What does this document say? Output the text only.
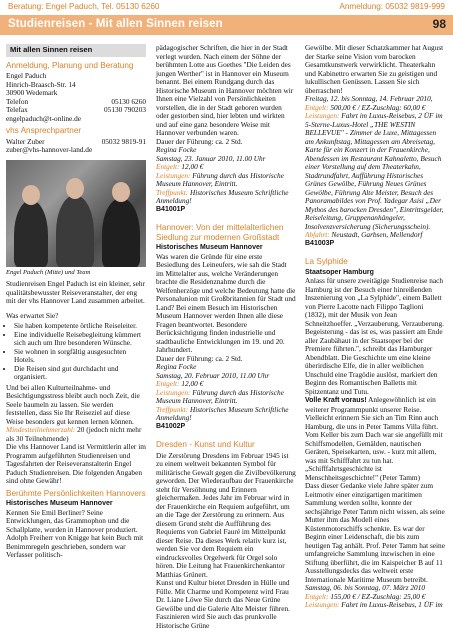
Beratung: Engel Paduch, Tel. 05130 6260	Anmeldung: 05032 9819-999
Studienreisen - Mit allen Sinnen reisen	98
Mit allen Sinnen reisen
Anmeldung, Planung und Beratung

Engel Paduch

Hinrich-Braasch-Str. 14

30900 Wedemark

Telefon	05130 6260
Telefax	05130 790203

engelpaduch@t-online.de

vhs Ansprechpartner
Walter Zuber	05032 9819-91

zuber@vhs-hannover-land.de

Engel Paduch (Mitte) und Team

Studienreisen Engel Paduch ist ein kleiner, sehr qualitätsbewusster Reiseveranstalter, der eng mit der vhs Hannover Land zusammen arbeitet.

Was erwartet Sie?

• Sie haben kompetente örtliche Reiseleiter.
• Eine individuelle Reisebegleitung kümmert sich auch um Ihre besonderen Wünsche.
• Sie wohnen in sorgfältig ausgesuchten Hotels.
• Die Reisen sind gut durchdacht und organisiert.

Und bei allen Kulturteilnahme- und Besichtigungsstress bleibt auch noch Zeit, die Seele baumeln zu lassen. Sie werden feststellen, dass Sie Ihr Reiseziel auf diese Weise besonders gut kennen lernen können.

Mindestteilnehmerzahl: 20 (jedoch nicht mehr als 30 Teilnehmende)

Die vhs Hannover Land ist Vermittlerin aller im Programm aufgeführten Studienreisen und Tagesfahrten der Reiseveranstalterin Engel Paduch Studienreisen. Die folgenden Angaben sind ohne Gewähr!

Berühmte Persönlichkeiten Hannovers

Historisches Museum Hannover

Kennen Sie Emil Berliner? Seine Entwicklungen, das Grammophon und die Schallplatte, wurden in Hannover produziert. Adolph Freiherr von Knigge hat kein Buch mit Benimmregeln geschrieben, sondern war Verfasser politisch-

pädagogischer Schriften, die hier in der Stadt verlegt wurden. Nach einem der Söhne der berühmten Lotte aus Goethes "Die Leiden des jungen Werther" ist in Hannover ein Museum benannt. Bei einem Rundgang durch das Historische Museum in Hannover möchten wir Ihnen eine Vielzahl von Persönlichkeiten vorstellen, die in der Stadt geboren wurden oder gestorben sind, hier lebten und wirkten und auf eine ganz besondere Weise mit Hannover verbunden waren.

Dauer der Führung: ca. 2 Std.

Regina Focke

Samstag, 23. Januar 2010, 11.00 Uhr

Entgelt: 12,00 €

Leistungen: Führung durch das Historische Museum Hannover, Eintritt.

Treffpunkt: Historisches Museum Schriftliche Anmeldung!

B41001P

Hannover: Von der mittelalterlichen Siedlung zur modernen Großstadt

Historisches Museum Hannover

Was waren die Gründe für eine erste Besiedlung des Leineufers, wie sah die Stadt im Mittelalter aus, welche Veränderungen brachte die Residenznahme durch die Welfenherzöge und welche Bedeutung hatte die Personalunion mit Großbritannien für Stadt und Land? Bei einem Besuch im Historischen Museum Hannover werden Ihnen alle diese Fragen beantwortet. Besondere Berücksichtigung finden industrielle und stadtbauliche Entwicklungen im 19. und 20. Jahrhundert.

Dauer der Führung: ca. 2 Std.

Regina Focke

Samstag, 20. Februar 2010, 11.00 Uhr

Entgelt: 12,00 €

Leistungen: Führung durch das Historische Museum Hannover, Eintritt.

Treffpunkt: Historisches Museum Schriftliche Anmeldung!

B41002P

Dresden - Kunst und Kultur

Die Zerstörung Dresdens im Februar 1945 ist zu einem weltweit bekannten Symbol für militärische Gewalt gegen die Zivilbevölkerung geworden. Der Wiederaufbau der Frauenkirche steht für Versöhnung und Erinnern gleichermaßen. Jedes Jahr im Februar wird in der Frauenkirche ein Requiem aufgeführt, um an die Tage der Zerstörung zu erinnern. Aus diesem Grund steht die Aufführung des Requiems von Gabriel Fauré im Mittelpunkt dieser Reise. Da dieses Werk relativ kurz ist, werden Sie vor dem Requiem ein eindrucksvolles Orgelwerk für Orgel solo hören. Die Leitung hat Frauenkirchenkantor Matthias Grünert.

Kunst und Kultur bietet Dresden in Hülle und Fülle. Mit Charme und Kompetenz wird Frau Dr. Liane Löwe Sie durch das Neue Grüne Gewölbe und die Galerie Alte Meister führen. Faszinieren wird Sie auch das prunkvolle Historische Grüne

Gewölbe. Mit dieser Schatzkammer hat August der Starke seine Vision vom barocken Gesamtkunstwerk verwirklicht. Theaterkahn und Kabinettro erwarten Sie zu geistigen und lukullischen Genüssen. Lassen Sie sich überraschen!

Freitag, 12. bis Sonntag, 14. Februar 2010,

Entgelt: 500,00 € / EZ-Zuschlag: 60,00 €

Leistungen: Fahrt im Luxus-Reisebus, 2 ÜF im 5-Sterne-Luxus-Hotel „THE WESTIN BELLEVUE" - Zimmer de Luxe, Mittagessen am Ankunftstag, Mittagessen am Abreisetag, Karte für ein Konzert in der Frauenkirche, Abendessen im Restaurant Kahnaletto, Besuch einer Vorstellung auf dem Theaterkahn, Stadtrundfahrt, Aufführung Historisches Grünes Gewölbe, Führung Neues Grünes Gewölbe, Führung Alte Meister, Besuch des Panoramabildes von Prof. Yadegar Asisi „Der Mythos des barocken Dresden", Eintrittsgelder, Reiseleitung, Gruppenanhängeler, Insolvenzversicherung (Sicherungsschein).

Abfahrt: Neustadt, Garbsen, Mellendorf

B41003P

La Sylphide

Staatsoper Hamburg

Anlass für unsere zweitägige Studienreise nach Hamburg ist der Besuch einer hinreißenden Inszenierung von „La Sylphide", einem Ballett von Pierre Lacotte nach Filippo Taglioni (1832), mit der Musik von Jean Schneitzhoeffer. „Verzauberung, Verzauberung. Begeisterung - das ist es, was passiert am Ende aller Zaubähaut in der Staatsoper bei der Premiere führten.", schreibt das Hamburger Abendblatt. Die Geschichte um eine kleine überirdische Elfe, die in aller weiblichen Unschuld eine Tragödie auslöst, markiert den Beginn des Romantischen Balletts mit Spitzentanz und Tutu.

Volle Kraft voraus! Anlegewöhnlich ist ein weiterer Programmpunkt unserer Reise. Vielleicht erinnern Sie sich an Tim Rinn auch Hamburg, die uns in Peter Tamms Villa führt. Vom Keller bis zum Dach war sie angefüllt mit Schiffsmodellen, Gemälden, nautischen Geräten, Speisekarten, usw. - kurz mit allem, was mit Schifffahrt zu tun hat. „Schifffahrtsgeschichte ist Menschheitsgeschichte!" (Peter Tamm)

Dass dieser Gedanke viele Jahre später zum Leitmotiv einer einzigartigen maritimen Sammlung werden sollte, konnte der sechsjährige Peter Tamm nicht wissen, als seine Mutter ihm das Modell eines Küstenmotorschiffs schenkte. Es war der Beginn einer Leidenschaft, die bis zum heutigen Tag anhält. Prof. Peter Tamm hat seine umfangreiche Sammlung inzwischen in eine Stiftung überführt, die im Kaispeicher B auf 11 Ausstellungsdecks das weltweit erste Internationale Maritime Museum betreibt.

Samstag, 06. bis Sonntag, 07. März 2010

Entgelt: 155,00 € / EZ-Zuschlag: 25,00 €

Leistungen: Fahrt im Luxus-Reisebus, 1 ÜF im
